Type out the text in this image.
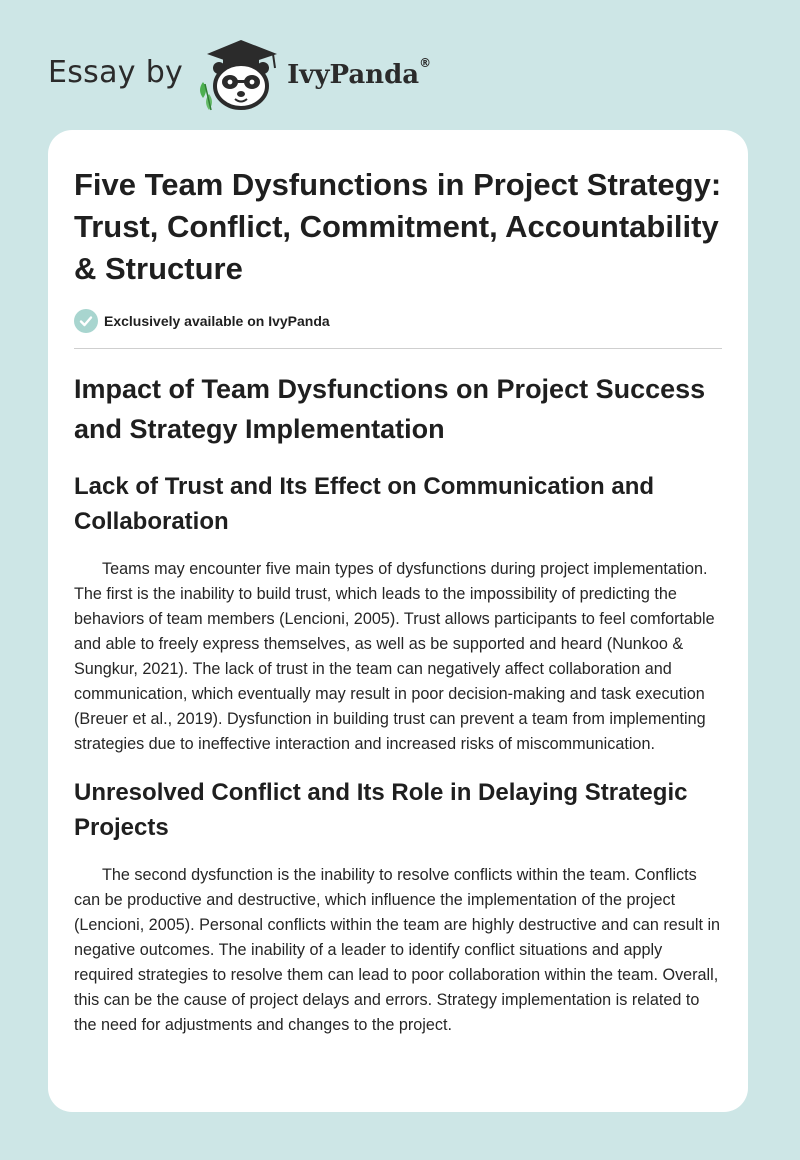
Essay by	IvyPanda®
Five Team Dysfunctions in Project Strategy: Trust, Conflict, Commitment, Accountability & Structure
Exclusively available on IvyPanda
Impact of Team Dysfunctions on Project Success and Strategy Implementation
Lack of Trust and Its Effect on Communication and Collaboration

Teams may encounter five main types of dysfunctions during project implementation. The first is the inability to build trust, which leads to the impossibility of predicting the behaviors of team members (Lencioni, 2005). Trust allows participants to feel comfortable and able to freely express themselves, as well as be supported and heard (Nunkoo & Sungkur, 2021). The lack of trust in the team can negatively affect collaboration and communication, which eventually may result in poor decision-making and task execution (Breuer et al., 2019). Dysfunction in building trust can prevent a team from implementing strategies due to ineffective interaction and increased risks of miscommunication.

Unresolved Conflict and Its Role in Delaying Strategic Projects

The second dysfunction is the inability to resolve conflicts within the team. Conflicts can be productive and destructive, which influence the implementation of the project (Lencioni, 2005). Personal conflicts within the team are highly destructive and can result in negative outcomes. The inability of a leader to identify conflict situations and apply required strategies to resolve them can lead to poor collaboration within the team. Overall, this can be the cause of project delays and errors. Strategy implementation is related to the need for adjustments and changes to the project.
